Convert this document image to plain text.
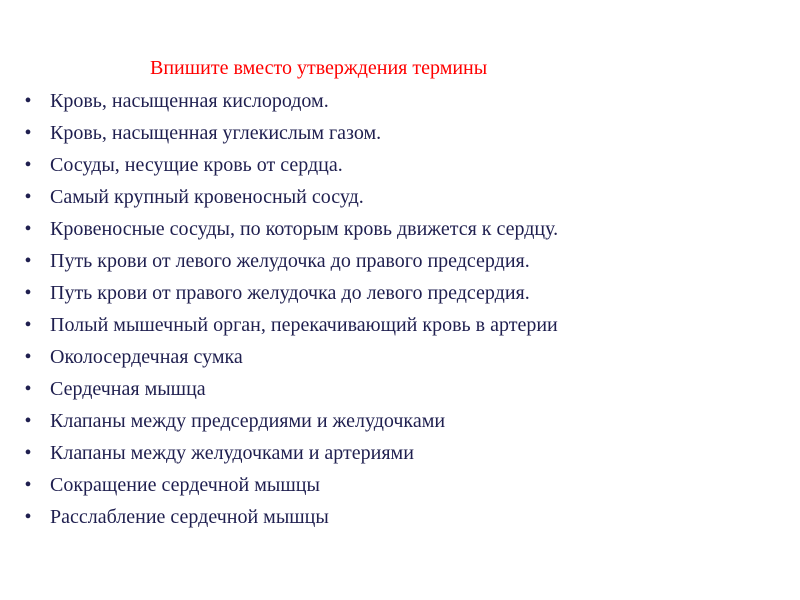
Впишите вместо утверждения термины
• Кровь, насыщенная кислородом.
• Кровь, насыщенная углекислым газом.
• Сосуды, несущие кровь от сердца.
• Самый крупный кровеносный сосуд.
• Кровеносные сосуды, по которым кровь движется к сердцу.
• Путь крови от левого желудочка до правого предсердия.
• Путь крови от правого желудочка до левого предсердия.
• Полый мышечный орган, перекачивающий кровь в артерии
• Околосердечная сумка
• Сердечная мышца
• Клапаны между предсердиями и желудочками
• Клапаны между желудочками и артериями
• Сокращение сердечной мышцы
• Расслабление сердечной мышцы
